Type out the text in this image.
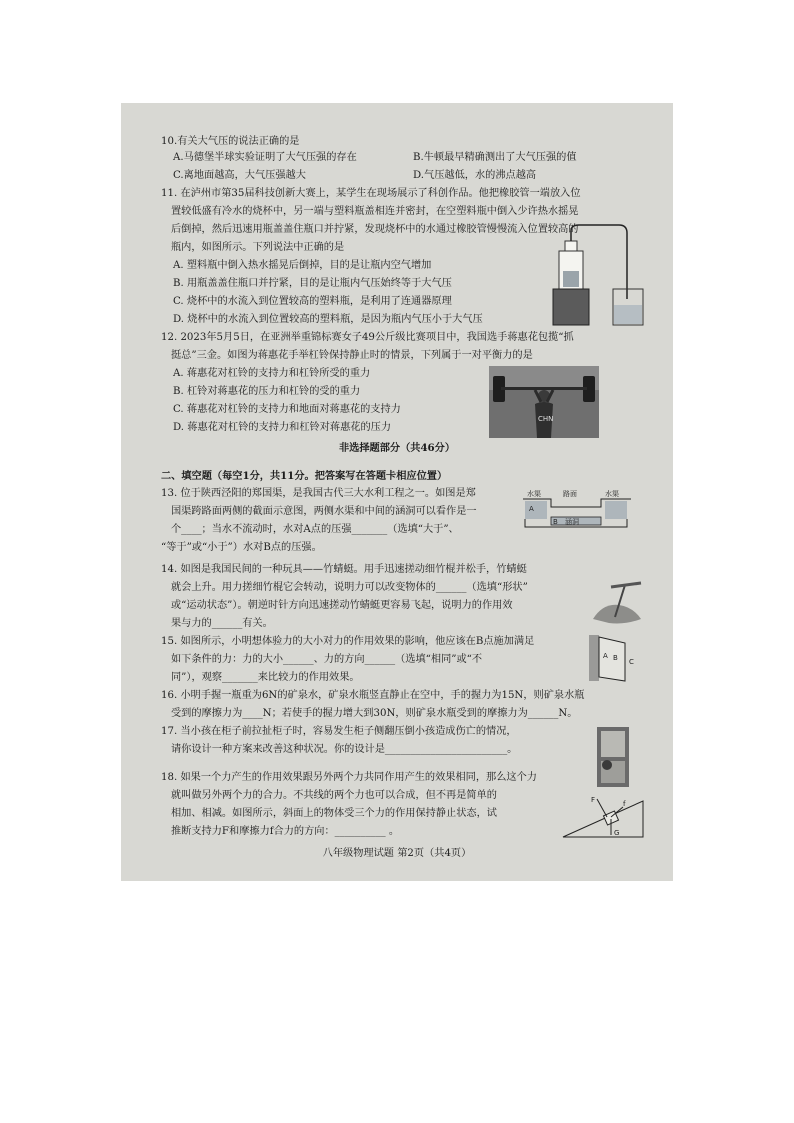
10.有关大气压的说法正确的是
A.马德堡半球实验证明了大气压强的存在	B.牛顿最早精确测出了大气压强的值
C.离地面越高，大气压强越大	D.气压越低，水的沸点越高
11. 在泸州市第35届科技创新大赛上，某学生在现场展示了科创作品。他把橡胶管一端放入位
置较低盛有冷水的烧杯中，另一端与塑料瓶盖相连并密封，在空塑料瓶中倒入少许热水摇晃
后倒掉，然后迅速用瓶盖盖住瓶口并拧紧，发现烧杯中的水通过橡胶管慢慢流入位置较高的
瓶内，如图所示。下列说法中正确的是
A. 塑料瓶中倒入热水摇晃后倒掉，目的是让瓶内空气增加
B. 用瓶盖盖住瓶口并拧紧，目的是让瓶内气压始终等于大气压
C. 烧杯中的水流入到位置较高的塑料瓶，是利用了连通器原理
D. 烧杯中的水流入到位置较高的塑料瓶，是因为瓶内气压小于大气压
12. 2023年5月5日，在亚洲举重锦标赛女子49公斤级比赛项目中，我国选手蒋惠花包揽“抓
挺总”三金。如图为蒋惠花手举杠铃保持静止时的情景，下列属于一对平衡力的是
A. 蒋惠花对杠铃的支持力和杠铃所受的重力
B. 杠铃对蒋惠花的压力和杠铃的受的重力
C. 蒋惠花对杠铃的支持力和地面对蒋惠花的支持力
D. 蒋惠花对杠铃的支持力和杠铃对蒋惠花的压力
CHN
非选择题部分（共46分）
二、填空题（每空1分，共11分。把答案写在答题卡相应位置）
13. 位于陕西泾阳的郑国渠，是我国古代三大水利工程之一。如图是郑
国渠跨路面两侧的截面示意图，两侧水渠和中间的涵洞可以看作是一
个____；当水不流动时，水对A点的压强_______（选填“大于”、
“等于”或“小于”）水对B点的压强。
水渠	路面	水渠
A
B 涵洞
14. 如图是我国民间的一种玩具——竹蜻蜓。用手迅速搓动细竹棍并松手，竹蜻蜓
就会上升。用力搓细竹棍它会转动，说明力可以改变物体的______（选填“形状”
或“运动状态”）。朝逆时针方向迅速搓动竹蜻蜓更容易飞起，说明力的作用效
果与力的______有关。
15. 如图所示，小明想体验力的大小对力的作用效果的影响，他应该在B点施加满足
如下条件的力：力的大小______、力的方向______（选填“相同”或“不
同”），观察_______来比较力的作用效果。
A B C
16. 小明手握一瓶重为6N的矿泉水，矿泉水瓶竖直静止在空中，手的握力为15N，则矿泉水瓶
受到的摩擦力为____N；若使手的握力增大到30N，则矿泉水瓶受到的摩擦力为______N。
17. 当小孩在柜子前拉扯柜子时，容易发生柜子侧翻压倒小孩造成伤亡的情况，
请你设计一种方案来改善这种状况。你的设计是________________________。
18. 如果一个力产生的作用效果跟另外两个力共同作用产生的效果相同，那么这个力
就叫做另外两个力的合力。不共线的两个力也可以合成，但不再是简单的
相加、相减。如图所示，斜面上的物体受三个力的作用保持静止状态，试
推断支持力F和摩擦力f合力的方向：__________ 。
F	f
G
八年级物理试题 第2页（共4页）
